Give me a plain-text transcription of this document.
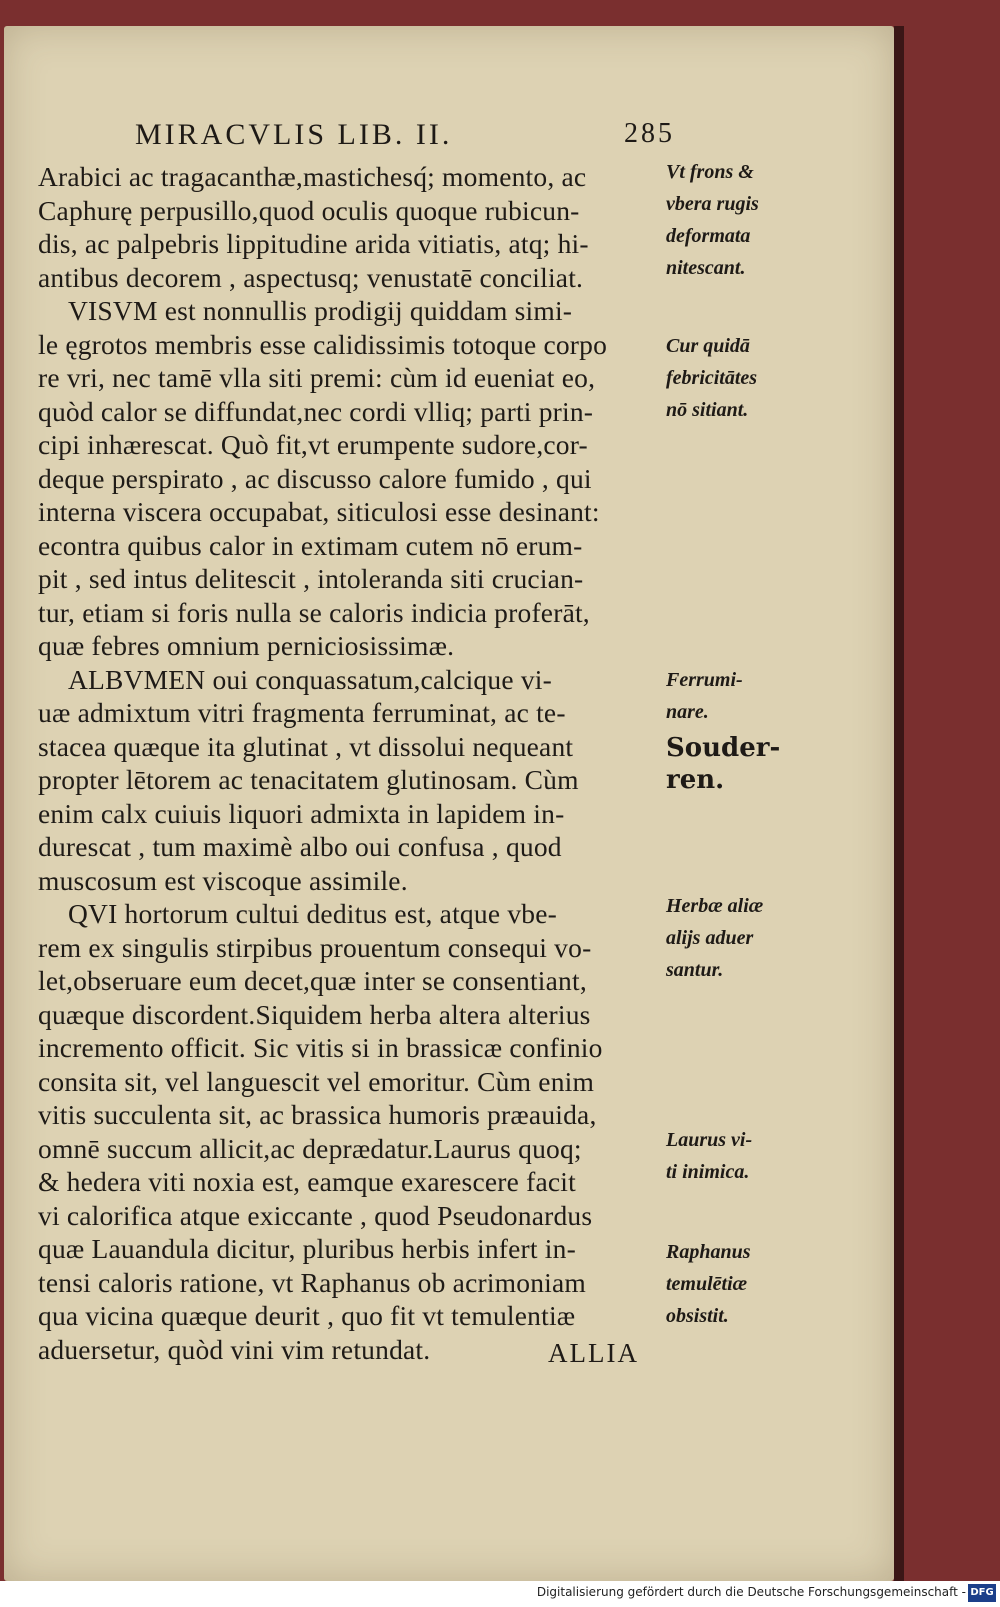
MIRACVLIS LIB. II.	285
Arabici ac tragacanthæ,mastichesq́; momento, ac
Caphurę perpusillo,quod oculis quoque rubicun-
dis, ac palpebris lippitudine arida vitiatis, atq; hi-
antibus decorem , aspectusq; venustatē conciliat.
VISVM est nonnullis prodigij quiddam simi-
le ęgrotos membris esse calidissimis totoque corpo
re vri, nec tamē vlla siti premi: cùm id eueniat eo,
quòd calor se diffundat,nec cordi vlliq; parti prin-
cipi inhærescat. Quò fit,vt erumpente sudore,cor-
deque perspirato , ac discusso calore fumido , qui
interna viscera occupabat, siticulosi esse desinant:
econtra quibus calor in extimam cutem nō erum-
pit , sed intus delitescit , intoleranda siti crucian-
tur, etiam si foris nulla se caloris indicia proferāt,
quæ febres omnium perniciosissimæ.
ALBVMEN oui conquassatum,calcique vi-
uæ admixtum vitri fragmenta ferruminat, ac te-
stacea quæque ita glutinat , vt dissolui nequeant
propter lētorem ac tenacitatem glutinosam. Cùm
enim calx cuiuis liquori admixta in lapidem in-
durescat , tum maximè albo oui confusa , quod
muscosum est viscoque assimile.
QVI hortorum cultui deditus est, atque vbe-
rem ex singulis stirpibus prouentum consequi vo-
let,obseruare eum decet,quæ inter se consentiant,
quæque discordent.Siquidem herba altera alterius
incremento officit. Sic vitis si in brassicæ confinio
consita sit, vel languescit vel emoritur. Cùm enim
vitis succulenta sit, ac brassica humoris præauida,
omnē succum allicit,ac deprædatur.Laurus quoq;
& hedera viti noxia est, eamque exarescere facit
vi calorifica atque exiccante , quod Pseudonardus
quæ Lauandula dicitur, pluribus herbis infert in-
tensi caloris ratione, vt Raphanus ob acrimoniam
qua vicina quæque deurit , quo fit vt temulentiæ
aduersetur, quòd vini vim retundat.	ALLIA
Vt frons &
vbera rugis
deformata
nitescant.
Cur quidā
febricitātes
nō sitiant.
Ferrumi-
nare.
Souder-
ren.
Herbæ aliæ
alijs aduer
santur.
Laurus vi-
ti inimica.
Raphanus
temulētiæ
obsistit.
Digitalisierung gefördert durch die Deutsche Forschungsgemeinschaft - DFG
